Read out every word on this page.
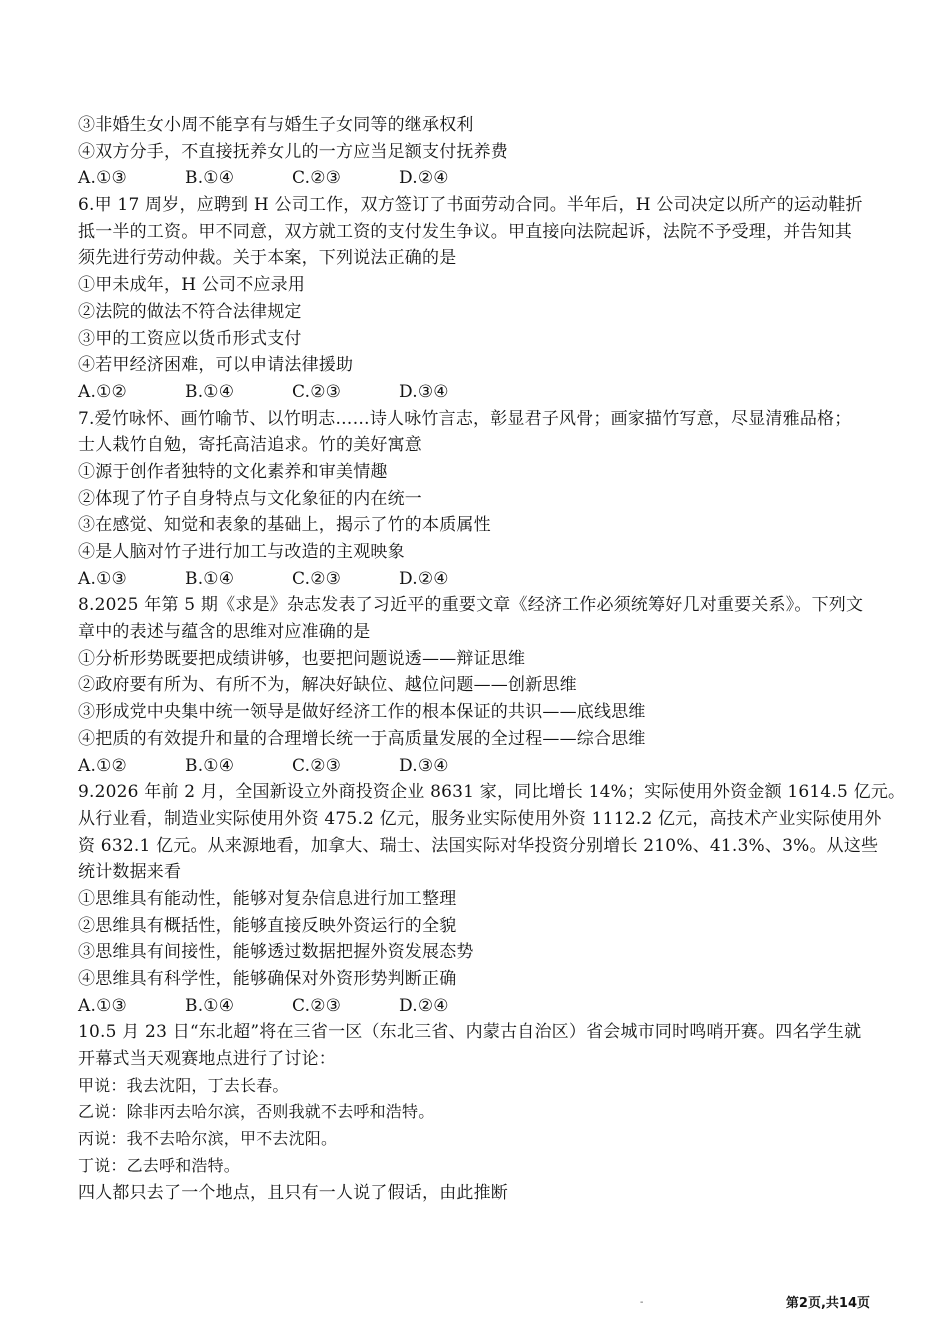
③非婚生女小周不能享有与婚生子女同等的继承权利
④双方分手，不直接抚养女儿的一方应当足额支付抚养费
A.①③	B.①④	C.②③	D.②④
6.甲 17 周岁，应聘到 H 公司工作，双方签订了书面劳动合同。半年后，H 公司决定以所产的运动鞋折
抵一半的工资。甲不同意，双方就工资的支付发生争议。甲直接向法院起诉，法院不予受理，并告知其
须先进行劳动仲裁。关于本案，下列说法正确的是
①甲未成年，H 公司不应录用
②法院的做法不符合法律规定
③甲的工资应以货币形式支付
④若甲经济困难，可以申请法律援助
A.①②	B.①④	C.②③	D.③④
7.爱竹咏怀、画竹喻节、以竹明志……诗人咏竹言志，彰显君子风骨；画家描竹写意，尽显清雅品格；
士人栽竹自勉，寄托高洁追求。竹的美好寓意
①源于创作者独特的文化素养和审美情趣
②体现了竹子自身特点与文化象征的内在统一
③在感觉、知觉和表象的基础上，揭示了竹的本质属性
④是人脑对竹子进行加工与改造的主观映象
A.①③	B.①④	C.②③	D.②④
8.2025 年第 5 期《求是》杂志发表了习近平的重要文章《经济工作必须统筹好几对重要关系》。下列文
章中的表述与蕴含的思维对应准确的是
①分析形势既要把成绩讲够，也要把问题说透——辩证思维
②政府要有所为、有所不为，解决好缺位、越位问题——创新思维
③形成党中央集中统一领导是做好经济工作的根本保证的共识——底线思维
④把质的有效提升和量的合理增长统一于高质量发展的全过程——综合思维
A.①②	B.①④	C.②③	D.③④
9.2026 年前 2 月，全国新设立外商投资企业 8631 家，同比增长 14%；实际使用外资金额 1614.5 亿元。
从行业看，制造业实际使用外资 475.2 亿元，服务业实际使用外资 1112.2 亿元，高技术产业实际使用外
资 632.1 亿元。从来源地看，加拿大、瑞士、法国实际对华投资分别增长 210%、41.3%、3%。从这些
统计数据来看
①思维具有能动性，能够对复杂信息进行加工整理
②思维具有概括性，能够直接反映外资运行的全貌
③思维具有间接性，能够透过数据把握外资发展态势
④思维具有科学性，能够确保对外资形势判断正确
A.①③	B.①④	C.②③	D.②④
10.5 月 23 日“东北超”将在三省一区（东北三省、内蒙古自治区）省会城市同时鸣哨开赛。四名学生就
开幕式当天观赛地点进行了讨论：
甲说：我去沈阳，丁去长春。
乙说：除非丙去哈尔滨，否则我就不去呼和浩特。
丙说：我不去哈尔滨，甲不去沈阳。
丁说：乙去呼和浩特。
四人都只去了一个地点，且只有一人说了假话，由此推断
-	第2页,共14页
